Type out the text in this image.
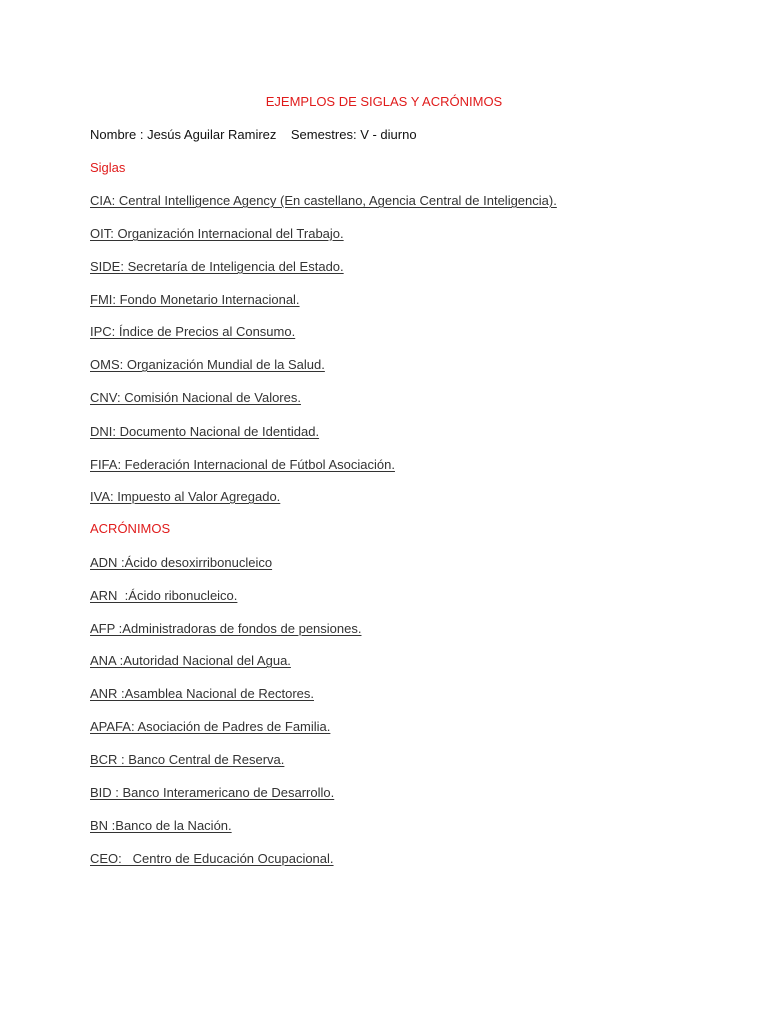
EJEMPLOS DE SIGLAS Y ACRÓNIMOS
Nombre : Jesús Aguilar Ramirez    Semestres: V - diurno
Siglas
CIA: Central Intelligence Agency (En castellano, Agencia Central de Inteligencia).
OIT: Organización Internacional del Trabajo.
SIDE: Secretaría de Inteligencia del Estado.
FMI: Fondo Monetario Internacional.
IPC: Índice de Precios al Consumo.
OMS: Organización Mundial de la Salud.
CNV: Comisión Nacional de Valores.
DNI: Documento Nacional de Identidad.
FIFA: Federación Internacional de Fútbol Asociación.
IVA: Impuesto al Valor Agregado.
ACRÓNIMOS
ADN :Ácido desoxirribonucleico
ARN  :Ácido ribonucleico.
AFP :Administradoras de fondos de pensiones.
ANA :Autoridad Nacional del Agua.
ANR :Asamblea Nacional de Rectores.
APAFA: Asociación de Padres de Familia.
BCR : Banco Central de Reserva.
BID : Banco Interamericano de Desarrollo.
BN :Banco de la Nación.
CEO:   Centro de Educación Ocupacional.
